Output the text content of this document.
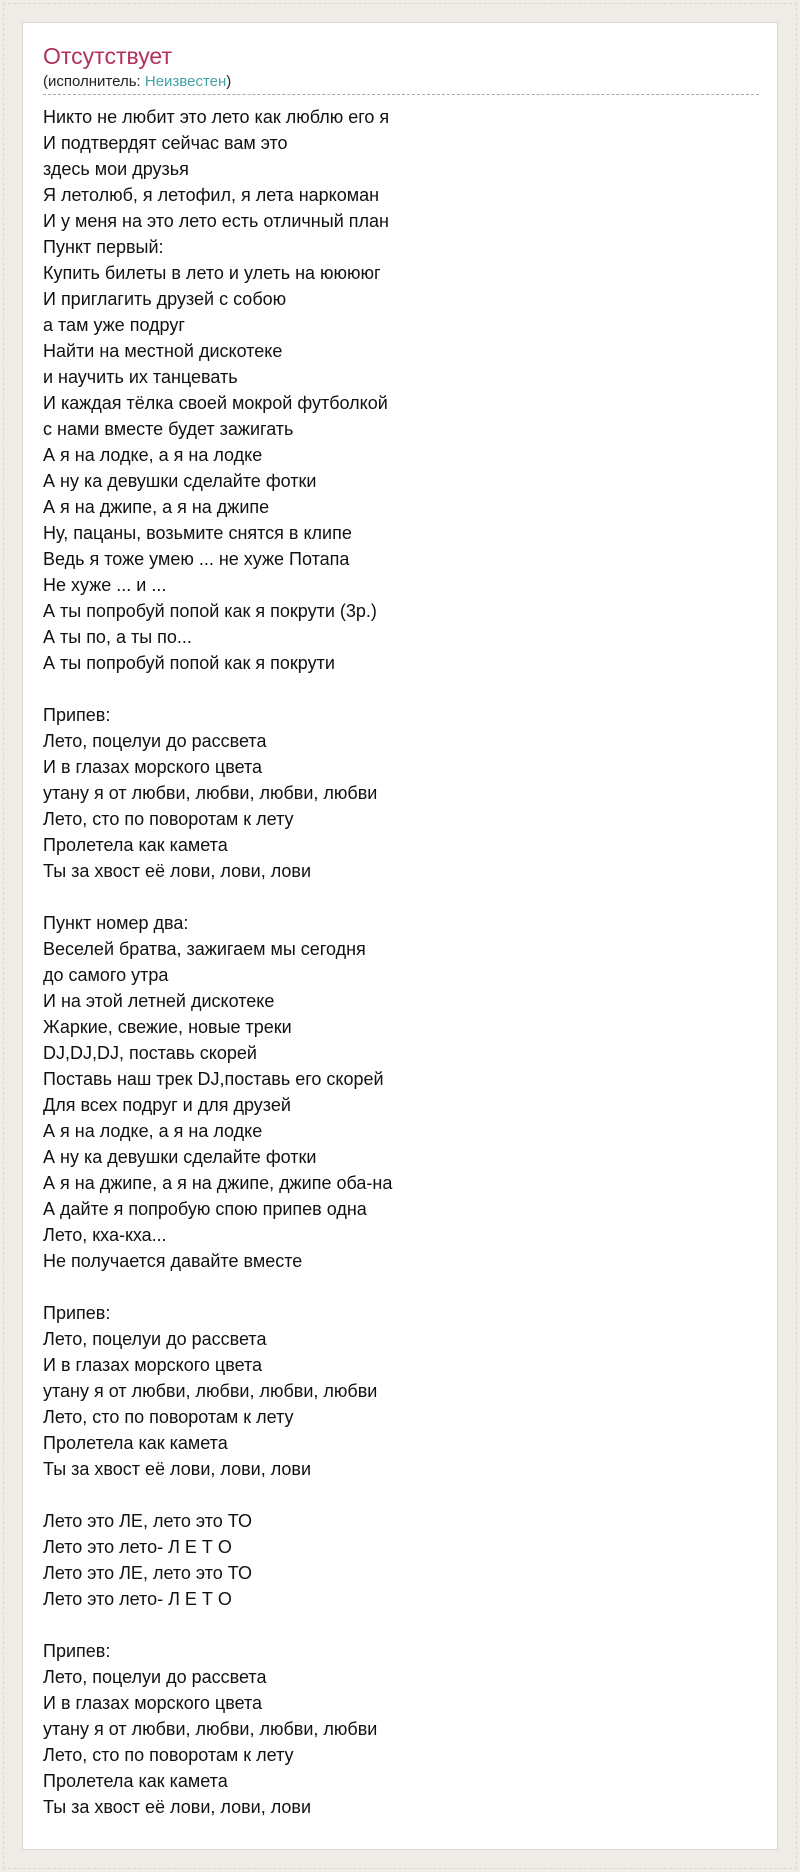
Отсутствует
(исполнитель: Неизвестен)
Никто не любит это лето как люблю его я
И подтвердят сейчас вам это
здесь мои друзья
Я летолюб, я летофил, я лета наркоман
И у меня на это лето есть отличный план
Пункт первый:
Купить билеты в лето и улеть на ююююг
И приглагить друзей с собою
а там уже подруг
Найти на местной дискотеке
и научить их танцевать
И каждая тёлка своей мокрой футболкой
с нами вместе будет зажигать
А я на лодке, а я на лодке
А ну ка девушки сделайте фотки
А я на джипе, а я на джипе
Ну, пацаны, возьмите снятся в клипе
Ведь я тоже умею ... не хуже Потапа
Не хуже ... и ...
А ты попробуй попой как я покрути (3р.)
А ты по, а ты по...
А ты попробуй попой как я покрути
Припев:
Лето, поцелуи до рассвета
И в глазах морского цвета
утану я от любви, любви, любви, любви
Лето, сто по поворотам к лету
Пролетела как камета
Ты за хвост её лови, лови, лови
Пункт номер два:
Веселей братва, зажигаем мы сегодня
до самого утра
И на этой летней дискотеке
Жаркие, свежие, новые треки
DJ,DJ,DJ, поставь скорей
Поставь наш трек DJ,поставь его скорей
Для всех подруг и для друзей
А я на лодке, а я на лодке
А ну ка девушки сделайте фотки
А я на джипе, а я на джипе, джипе оба-на
А дайте я попробую спою припев одна
Лето, кха-кха...
Не получается давайте вместе
Припев:
Лето, поцелуи до рассвета
И в глазах морского цвета
утану я от любви, любви, любви, любви
Лето, сто по поворотам к лету
Пролетела как камета
Ты за хвост её лови, лови, лови
Лето это ЛЕ, лето это ТО
Лето это лето- Л Е Т О
Лето это ЛЕ, лето это ТО
Лето это лето- Л Е Т О
Припев:
Лето, поцелуи до рассвета
И в глазах морского цвета
утану я от любви, любви, любви, любви
Лето, сто по поворотам к лету
Пролетела как камета
Ты за хвост её лови, лови, лови
